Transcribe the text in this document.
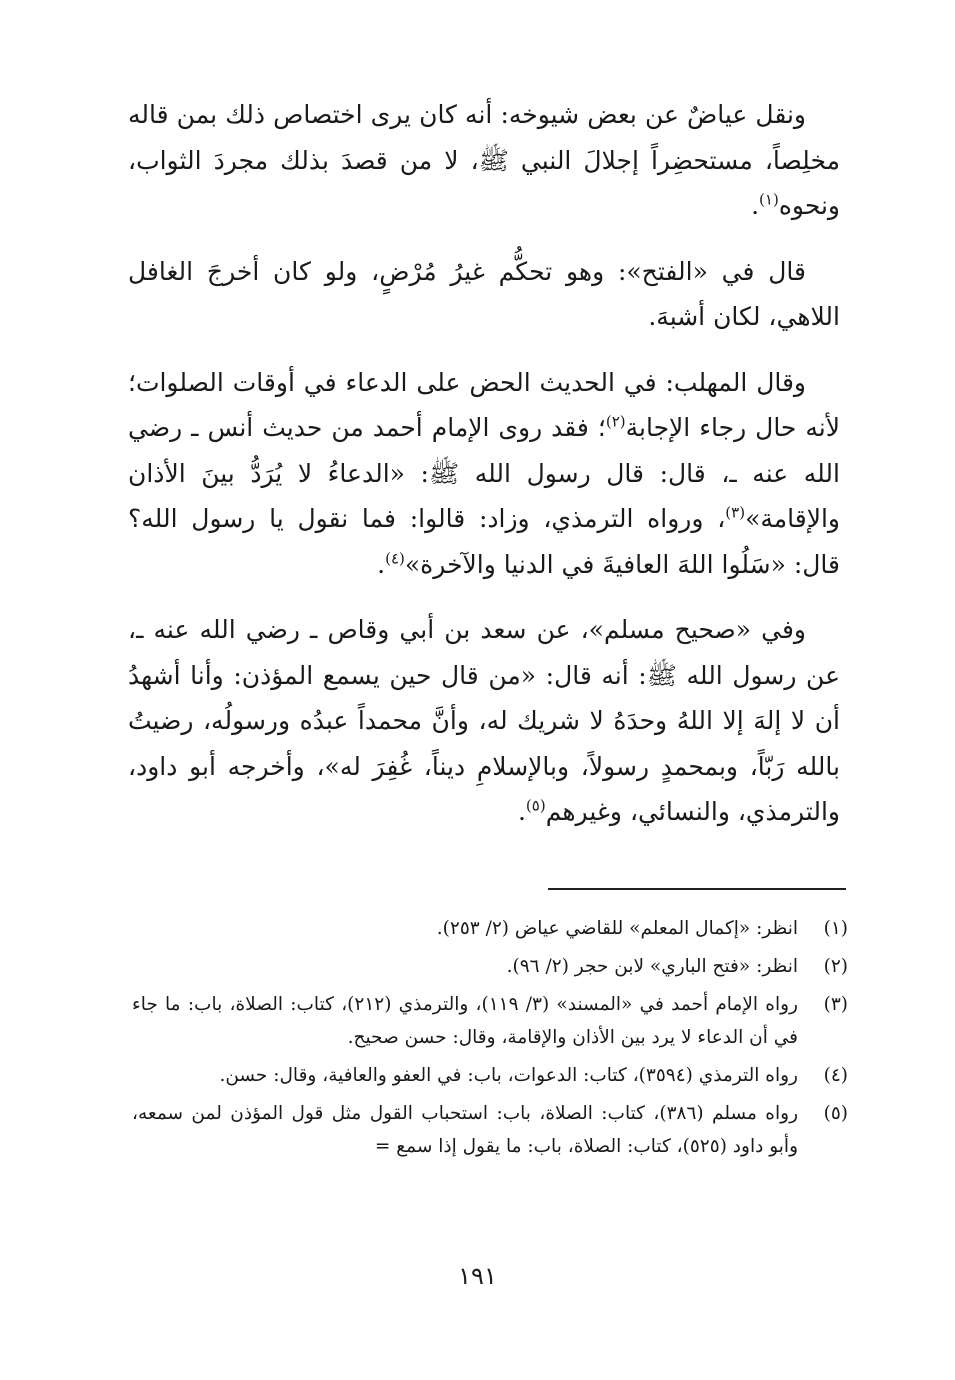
ونقل عياضٌ عن بعض شيوخه: أنه كان يرى اختصاص ذلك بمن قاله مخلِصاً، مستحضِراً إجلالَ النبي ﷺ، لا من قصدَ بذلك مجردَ الثواب، ونحوه$^{(١)}$.

قال في «الفتح»: وهو تحكُّم غيرُ مُرْضٍ، ولو كان أخرجَ الغافل اللاهي، لكان أشبهَ.

وقال المهلب: في الحديث الحض على الدعاء في أوقات الصلوات؛ لأنه حال رجاء الإجابة$^{(٢)}$؛ فقد روى الإمام أحمد من حديث أنس ـ رضي الله عنه ـ، قال: قال رسول الله ﷺ: «الدعاءُ لا يُرَدُّ بينَ الأذان والإقامة»$^{(٣)}$، ورواه الترمذي، وزاد: قالوا: فما نقول يا رسول الله؟ قال: «سَلُوا اللهَ العافيةَ في الدنيا والآخرة»$^{(٤)}$.

وفي «صحيح مسلم»، عن سعد بن أبي وقاص ـ رضي الله عنه ـ، عن رسول الله ﷺ: أنه قال: «من قال حين يسمع المؤذن: وأنا أشهدُ أن لا إلهَ إلا اللهُ وحدَهُ لا شريك له، وأنَّ محمداً عبدُه ورسولُه، رضيتُ بالله رَبّاً، وبمحمدٍ رسولاً، وبالإسلامِ ديناً، غُفِرَ له»، وأخرجه أبو داود، والترمذي، والنسائي، وغيرهم$^{(٥)}$.

(١)
انظر: «إكمال المعلم» للقاضي عياض (٢/ ٢٥٣).
(٢)
انظر: «فتح الباري» لابن حجر (٢/ ٩٦).
(٣)
رواه الإمام أحمد في «المسند» (٣/ ١١٩)، والترمذي (٢١٢)، كتاب: الصلاة، باب: ما جاء في أن الدعاء لا يرد بين الأذان والإقامة، وقال: حسن صحيح.
(٤)
رواه الترمذي (٣٥٩٤)، كتاب: الدعوات، باب: في العفو والعافية، وقال: حسن.
(٥)
رواه مسلم (٣٨٦)، كتاب: الصلاة، باب: استحباب القول مثل قول المؤذن لمن سمعه، وأبو داود (٥٢٥)، كتاب: الصلاة، باب: ما يقول إذا سمع =
١٩١
